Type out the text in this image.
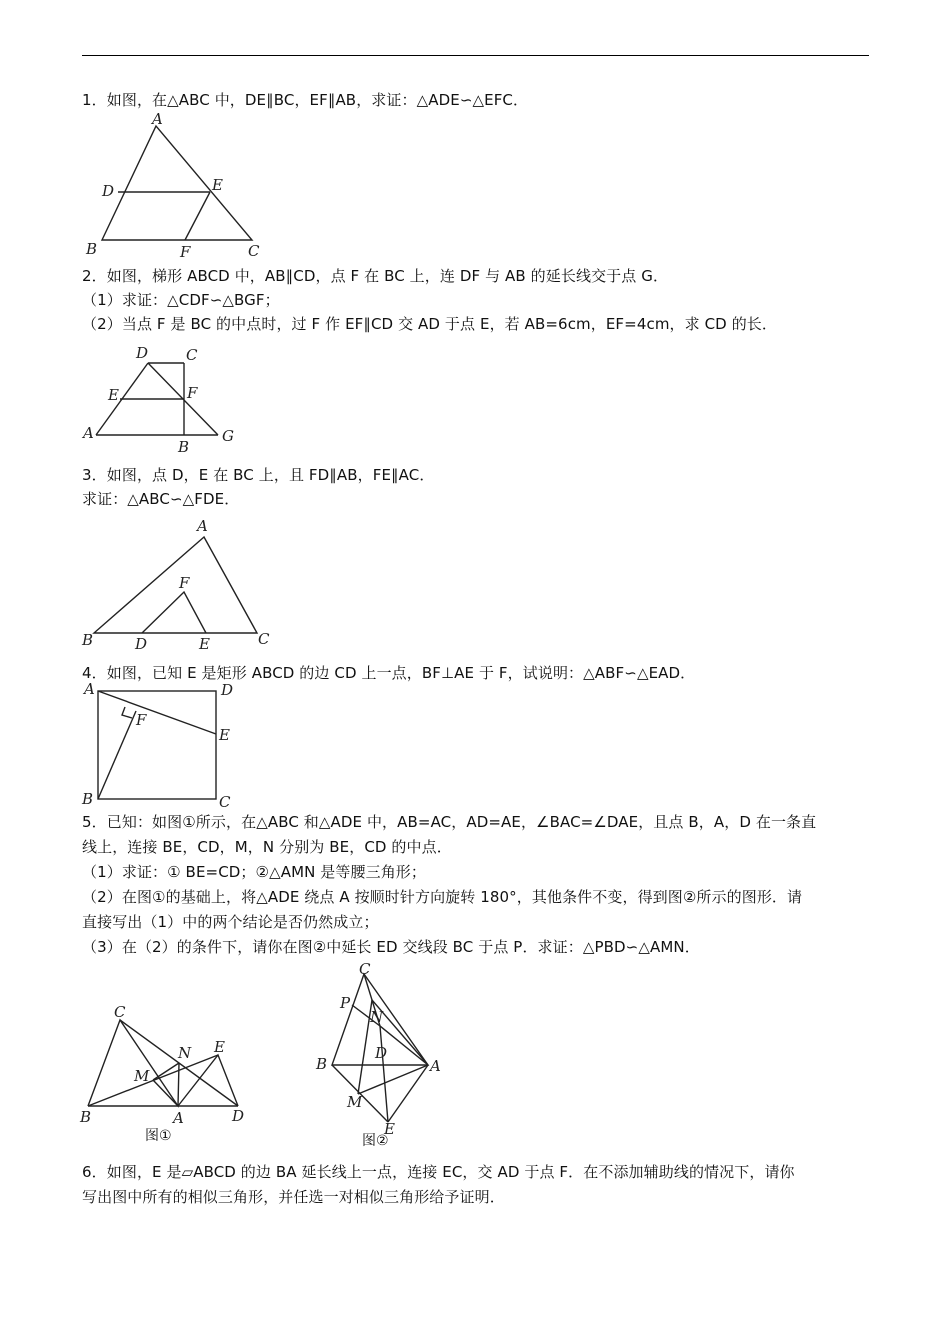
1．如图，在△ABC 中，DE∥BC，EF∥AB，求证：△ADE∽△EFC．
A
B	C
D	E
F
2．如图，梯形 ABCD 中，AB∥CD，点 F 在 BC 上，连 DF 与 AB 的延长线交于点 G．
（1）求证：△CDF∽△BGF；
（2）当点 F 是 BC 的中点时，过 F 作 EF∥CD 交 AD 于点 E，若 AB=6cm，EF=4cm，求 CD 的长．
D	C
E	F
A
B
G
3．如图，点 D，E 在 BC 上，且 FD∥AB，FE∥AC．
求证：△ABC∽△FDE．
A
B	C
D	E
F
4．如图，已知 E 是矩形 ABCD 的边 CD 上一点，BF⊥AE 于 F，试说明：△ABF∽△EAD．
A	D
F
E
B	C
5．已知：如图①所示，在△ABC 和△ADE 中，AB=AC，AD=AE，∠BAC=∠DAE，且点 B，A，D 在一条直
线上，连接 BE，CD，M，N 分别为 BE，CD 的中点．
（1）求证：① BE=CD；②△AMN 是等腰三角形；
（2）在图①的基础上，将△ADE 绕点 A 按顺时针方向旋转 180°，其他条件不变，得到图②所示的图形．请
直接写出（1）中的两个结论是否仍然成立；
（3）在（2）的条件下，请你在图②中延长 ED 交线段 BC 于点 P．求证：△PBD∽△AMN．
C
N E
M
B	A	D
图①
C
P
N
D
B	A
M
E
图②
6．如图，E 是▱ABCD 的边 BA 延长线上一点，连接 EC，交 AD 于点 F．在不添加辅助线的情况下，请你
写出图中所有的相似三角形，并任选一对相似三角形给予证明．
